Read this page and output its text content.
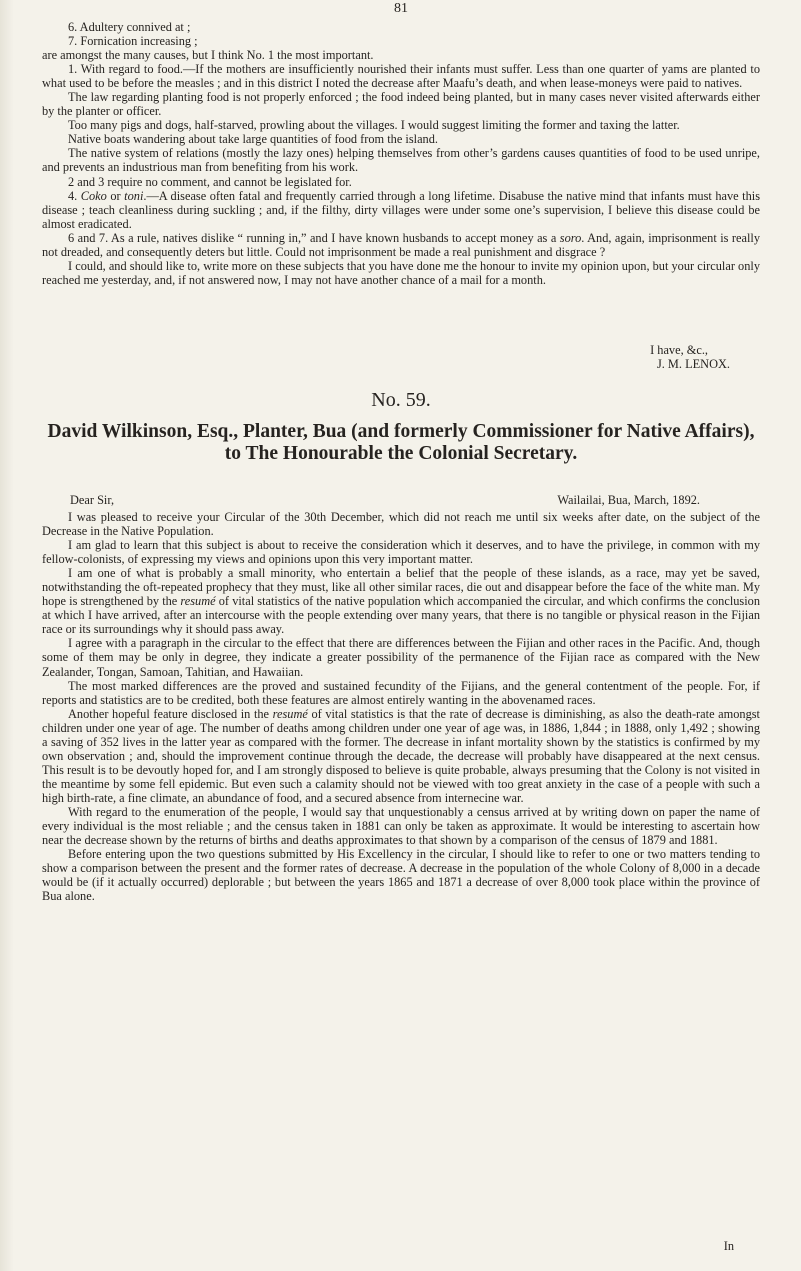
81

6. Adultery connived at ;

7. Fornication increasing ;

are amongst the many causes, but I think No. 1 the most important.

1. With regard to food.—If the mothers are insufficiently nourished their infants must suffer. Less than one quarter of yams are planted to what used to be before the measles ; and in this district I noted the decrease after Maafu’s death, and when lease-moneys were paid to natives.

The law regarding planting food is not properly enforced ; the food indeed being planted, but in many cases never visited afterwards either by the planter or officer.

Too many pigs and dogs, half-starved, prowling about the villages. I would suggest limiting the former and taxing the latter.

Native boats wandering about take large quantities of food from the island.

The native system of relations (mostly the lazy ones) helping themselves from other’s gardens causes quantities of food to be used unripe, and prevents an industrious man from benefiting from his work.

2 and 3 require no comment, and cannot be legislated for.

4. Coko or toni.—A disease often fatal and frequently carried through a long lifetime. Disabuse the native mind that infants must have this disease ; teach cleanliness during suckling ; and, if the filthy, dirty villages were under some one’s supervision, I believe this disease could be almost eradicated.

6 and 7. As a rule, natives dislike “ running in,” and I have known husbands to accept money as a soro. And, again, imprisonment is really not dreaded, and consequently deters but little. Could not imprisonment be made a real punishment and disgrace ?

I could, and should like to, write more on these subjects that you have done me the honour to invite my opinion upon, but your circular only reached me yesterday, and, if not answered now, I may not have another chance of a mail for a month.

I have, &c.,
J. M. LENOX.
No. 59.
David Wilkinson, Esq., Planter, Bua (and formerly Commissioner for Native Affairs), to The Honourable the Colonial Secretary.
Dear Sir,	Wailailai, Bua, March, 1892.

I was pleased to receive your Circular of the 30th December, which did not reach me until six weeks after date, on the subject of the Decrease in the Native Population.

I am glad to learn that this subject is about to receive the consideration which it deserves, and to have the privilege, in common with my fellow-colonists, of expressing my views and opinions upon this very important matter.

I am one of what is probably a small minority, who entertain a belief that the people of these islands, as a race, may yet be saved, notwithstanding the oft-repeated prophecy that they must, like all other similar races, die out and disappear before the face of the white man. My hope is strengthened by the resumé of vital statistics of the native population which accompanied the circular, and which confirms the conclusion at which I have arrived, after an intercourse with the people extending over many years, that there is no tangible or physical reason in the Fijian race or its surroundings why it should pass away.

I agree with a paragraph in the circular to the effect that there are differences between the Fijian and other races in the Pacific. And, though some of them may be only in degree, they indicate a greater possibility of the permanence of the Fijian race as compared with the New Zealander, Tongan, Samoan, Tahitian, and Hawaiian.

The most marked differences are the proved and sustained fecundity of the Fijians, and the general contentment of the people. For, if reports and statistics are to be credited, both these features are almost entirely wanting in the abovenamed races.

Another hopeful feature disclosed in the resumé of vital statistics is that the rate of decrease is diminishing, as also the death-rate amongst children under one year of age. The number of deaths among children under one year of age was, in 1886, 1,844 ; in 1888, only 1,492 ; showing a saving of 352 lives in the latter year as compared with the former. The decrease in infant mortality shown by the statistics is confirmed by my own observation ; and, should the improvement continue through the decade, the decrease will probably have disappeared at the next census. This result is to be devoutly hoped for, and I am strongly disposed to believe is quite probable, always presuming that the Colony is not visited in the meantime by some fell epidemic. But even such a calamity should not be viewed with too great anxiety in the case of a people with such a high birth-rate, a fine climate, an abundance of food, and a secured absence from internecine war.

With regard to the enumeration of the people, I would say that unquestionably a census arrived at by writing down on paper the name of every individual is the most reliable ; and the census taken in 1881 can only be taken as approximate. It would be interesting to ascertain how near the decrease shown by the returns of births and deaths approximates to that shown by a comparison of the census of 1879 and 1881.

Before entering upon the two questions submitted by His Excellency in the circular, I should like to refer to one or two matters tending to show a comparison between the present and the former rates of decrease. A decrease in the population of the whole Colony of 8,000 in a decade would be (if it actually occurred) deplorable ; but between the years 1865 and 1871 a decrease of over 8,000 took place within the province of Bua alone.

In
